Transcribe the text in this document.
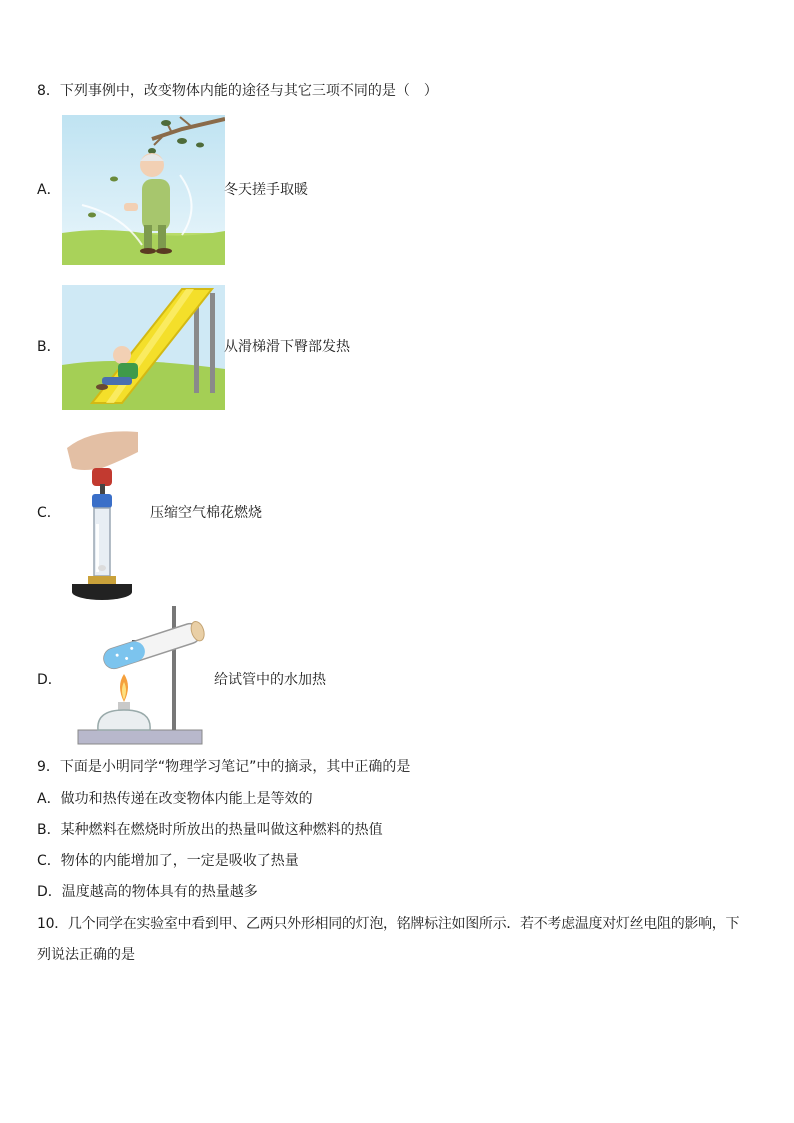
8．下列事例中，改变物体内能的途径与其它三项不同的是（　）
A．	冬天搓手取暖
B．	从滑梯滑下臀部发热
C．	压缩空气棉花燃烧
D．	给试管中的水加热
9．下面是小明同学“物理学习笔记”中的摘录，其中正确的是
A．做功和热传递在改变物体内能上是等效的
B．某种燃料在燃烧时所放出的热量叫做这种燃料的热值
C．物体的内能增加了，一定是吸收了热量
D．温度越高的物体具有的热量越多
10．几个同学在实验室中看到甲、乙两只外形相同的灯泡，铭牌标注如图所示．若不考虑温度对灯丝电阻的影响，下
列说法正确的是
